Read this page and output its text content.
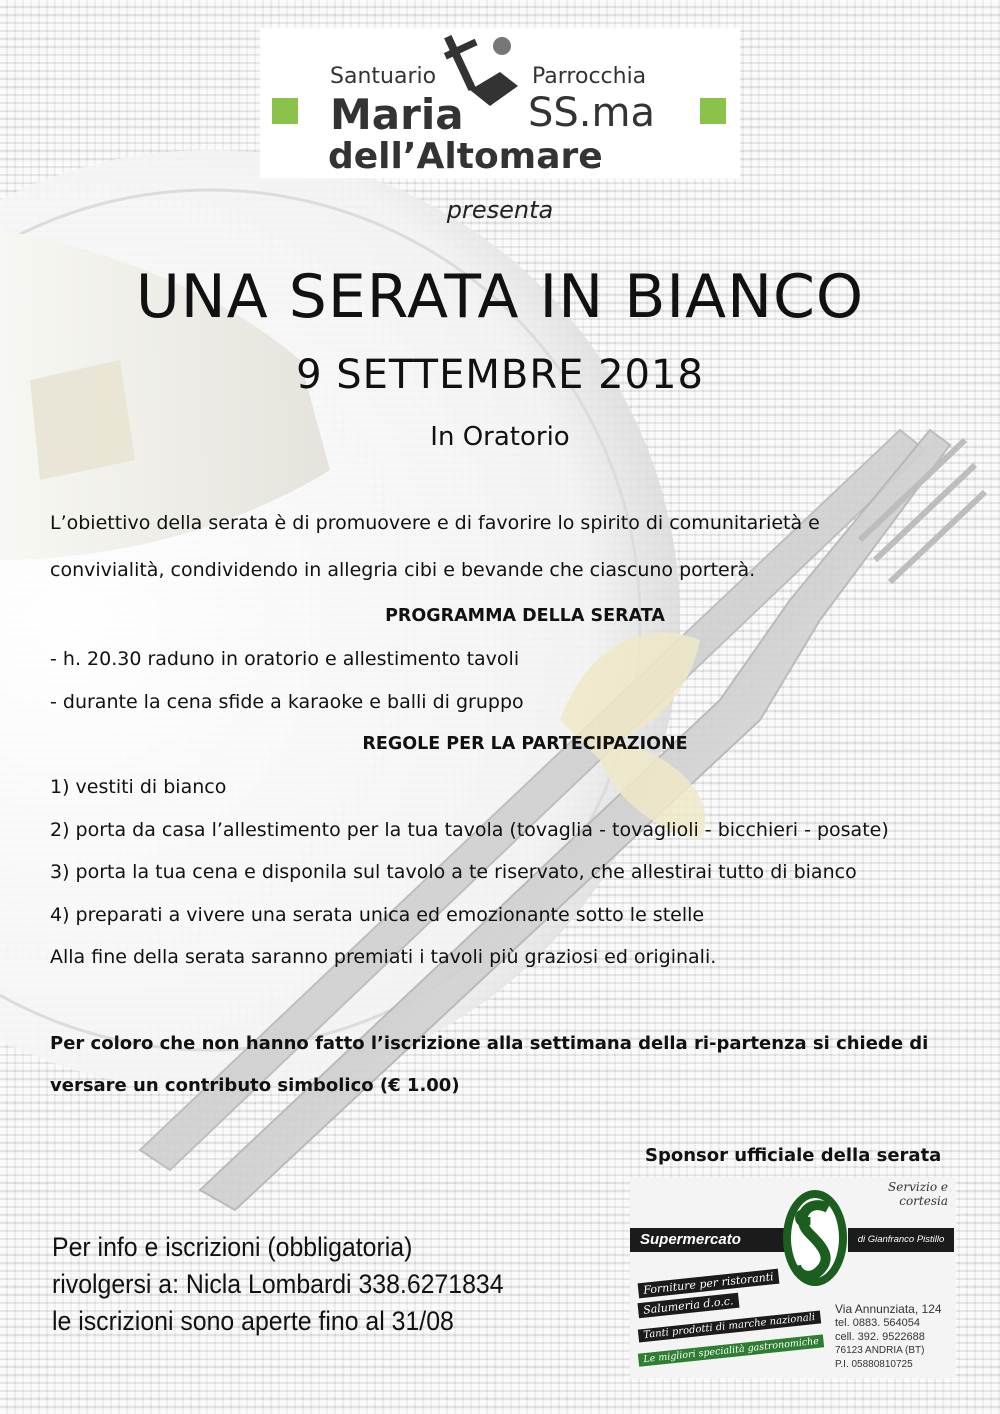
Santuario	Parrocchia
Maria SS.ma
dell’Altomare
presenta
UNA SERATA IN BIANCO
9 SETTEMBRE 2018
In Oratorio
L’obiettivo della serata è di promuovere e di favorire lo spirito di comunitarietà e
convivialità, condividendo in allegria cibi e bevande che ciascuno porterà.
PROGRAMMA DELLA SERATA
- h. 20.30 raduno in oratorio e allestimento tavoli
- durante la cena sfide a karaoke e balli di gruppo
REGOLE PER LA PARTECIPAZIONE
1) vestiti di bianco
2) porta da casa l’allestimento per la tua tavola (tovaglia - tovaglioli - bicchieri - posate)
3) porta la tua cena e disponila sul tavolo a te riservato, che allestirai tutto di bianco
4) preparati a vivere una serata unica ed emozionante sotto le stelle
Alla fine della serata saranno premiati i tavoli più graziosi ed originali.
Per coloro che non hanno fatto l’iscrizione alla settimana della ri-partenza si chiede di
versare un contributo simbolico (€ 1.00)
Sponsor ufficiale della serata
Supermercato
G
Servizio e cortesia
di Gianfranco Pistillo
Forniture per ristoranti
Salumeria d.o.c.
Tanti prodotti di marche nazionali
Le migliori specialità gastronomiche
Via Annunziata, 124
tel. 0883. 564054
cell. 392. 9522688
76123 ANDRIA (BT)
P.I. 05880810725
Per info e iscrizioni (obbligatoria)
rivolgersi a: Nicla Lombardi 338.6271834
le iscrizioni sono aperte fino al 31/08
